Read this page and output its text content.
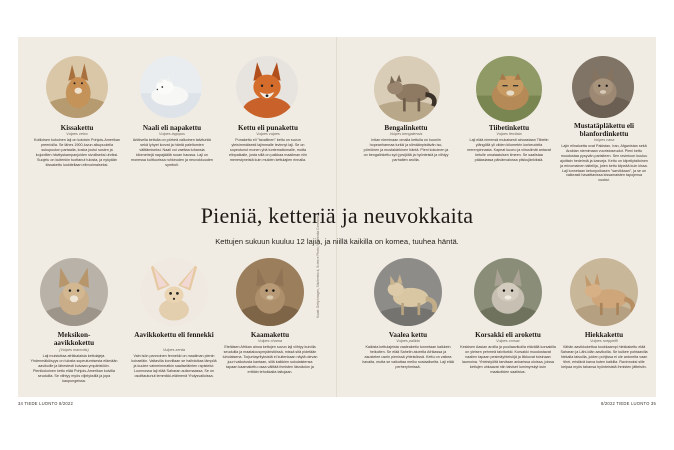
Kissakettu
Vulpes velox
Kotiloisen kokoinen laji on kotoisin Pohjois-Amerikan preerioilla. Se lähes 1900-luvun alkupuolella sukupuuton partaalla, koska joutui susien ja kojoottien hävityskampanjoiden sivulliseksi uhriksi. Suojelu on kuitenkin tuottanut tulosta, ja nykyään kissakettu luokitellaan elinvoimaiseksi.
Naali eli napakettu
Vulpes lagopus
Arktisella kettulla on pörheä valkoinen talviturkki sekä lyhyet korvat ja häntä paleltumien välttämiseksi. Naali voi vaeltaa tuhansia kilometrejä napajäällä ruoan haussa. Laji on monessa kulttuurissa rohkeuden ja neuvokkuuden symboli.
Kettu eli punakettu
Vulpes vulpes
Punakettu eli "tavallinen" kettu on suvun yleisimmäisesti lajimmalle levinnyt laji. Se on sopeutunut monen yhä tuntemattomalle, mutta elinpaikalle, josta sillä on paikkaa maailman niin menestyneistä kuin muiden kettulajien rinnalla.
Bengalinkettu
Vulpes bengalensis
Intian nieminaan omalla kettulla on kuuniin hopeanharmaa turkki ja silmäänpistävän iso, pörröinen ja mustakärkinen häntä. Pieni kokoinen ja on bengalinkettu syö jyrsijöitä ja hyönteisiä ja viihtyy parhaiten aroilla.
Tiibetinkettu
Vulpes ferrilata
Laji elää nimensä mukaisesti ainoastaan Tiibetin ylängöllä yli viiden kilometrin korkeudella merenpinnasta. Kapeat kuono ja viirusilmät antavat ketulle omalaatuisen ilmeen. Se saalistaa pääasiassa päivänvalossa piiskujänkiksiä.
Mustatäpläkettu eli blanfordinkettu
Vulpes cana
Lajin elinaluetta ovat Pakistan, Iran, Afganistan sekä Arabian niemimaan vuoristoseudut. Pieni kettu muodostaa pysyvän parisiteen. Sen ravintoon kuuluu ajoittain hedelmiä ja kasveja. Kettu on kiipeilytaitoinen ja erinomainen taiteilija, joten kettu kiipeää kuin kissa. Laji tunnetaan ketunpoikasen "sarvikkaan", ja se on vaikeasti havaittavissa kissamaisten tapojensa vuoksi.
Pieniä, ketteriä ja neuvokkaita
Kettujen sukuun kuuluu 12 lajia, ja niillä kaikilla on komea, tuuhea häntä.
Meksikon-aavikkokettu
(Vulpes macrotis)
Laji muistuttaa afrikkalaisia kettulajeja. Yhdenmäköisyys on tulosta sopeutumisesta elämään aavikoille ja lähestesti kuivaan ympäristöön. Pienikokoinen kettu elää Pohjois-Amerikan kuivilla seuduilla. Se viihtyy myös viljelyksillä ja jopa kaupungeissa.
Aavikkokettu eli fennekki
Vulpes zerda
Vain isön pannoinen fennekki on maailman pienin koiraeläin. Valtavilla korvillaan se haihduttaa lämpöä ja kuulee vaimeimmatkin saaliseläinten rapistelut. Luonnossa laji elää Saharan autiomaassa. Se on osoittautunut lemmikki-eläimenä Yhdysvalloissa.
Kaamakettu
Vulpes chama
Eteläisen Afrikan ainoa kettujen suvun laji viihtyy kuivilla seuduilla ja maatalousympäristöissä, missä sitä pidetään tuholaisena. Torjuntayrityksistä ei kuitenkaan näytä olevan juuri vaikutusta kantaan, sillä kaikkien sukulaistensa tapaan kaamakettu osaa välttää ihmisten läsnäolon ja erittäin tehokkaita taitojaan.
Vaalea kettu
Vulpes pallida
Kaikista kettulajeista vaaleakettu tunnetaan kaikkein heikoiten. Se elää Sahelin alueella Afrikassa ja asustelee usein pienissä yhteisöissä. Kettu on vaikea havaita, mutta se vaikuttaa melko sosiaaliselta. Laji elää perheryhmissä.
Korsakki eli arokettu
Vulpes corsac
Keskisen Aasian aroilla ja puoliaavikoilla elävällä korsakilla on yleisen pehmeä talviturkki. Korsakki muodostavat naalien tapaan pesimäyhteisöjä ja liikkuvat toisinaan laumoina. Yhteistyöltä tarvitaan ankarissa oloissa, joissa kettujen uhkaavat niin talviset lumimyrskyt kuin maakotkien saalistus.
Hiekkakettu
Vulpes rueppellii
Vähän aavikkokettua kookkaampi hiekkakettu elää Saharan ja Lähi-idän aavikoilla. Se kulkee pohtaavilla hiekalla taisuilla, joiden pohjissa ei ole antureita vaan tihei, eristävä karva kuten kaikilla. Ravinnoksi sille kelpaa myös tahansa hyönteisistä ihmisten jätteisiin.
Kuvat: Getty Images, Shutterstock, Science Photo, Wikimedia Commons
34 TIEDE LUONTO 8/2022	8/2022 TIEDE LUONTO 35
